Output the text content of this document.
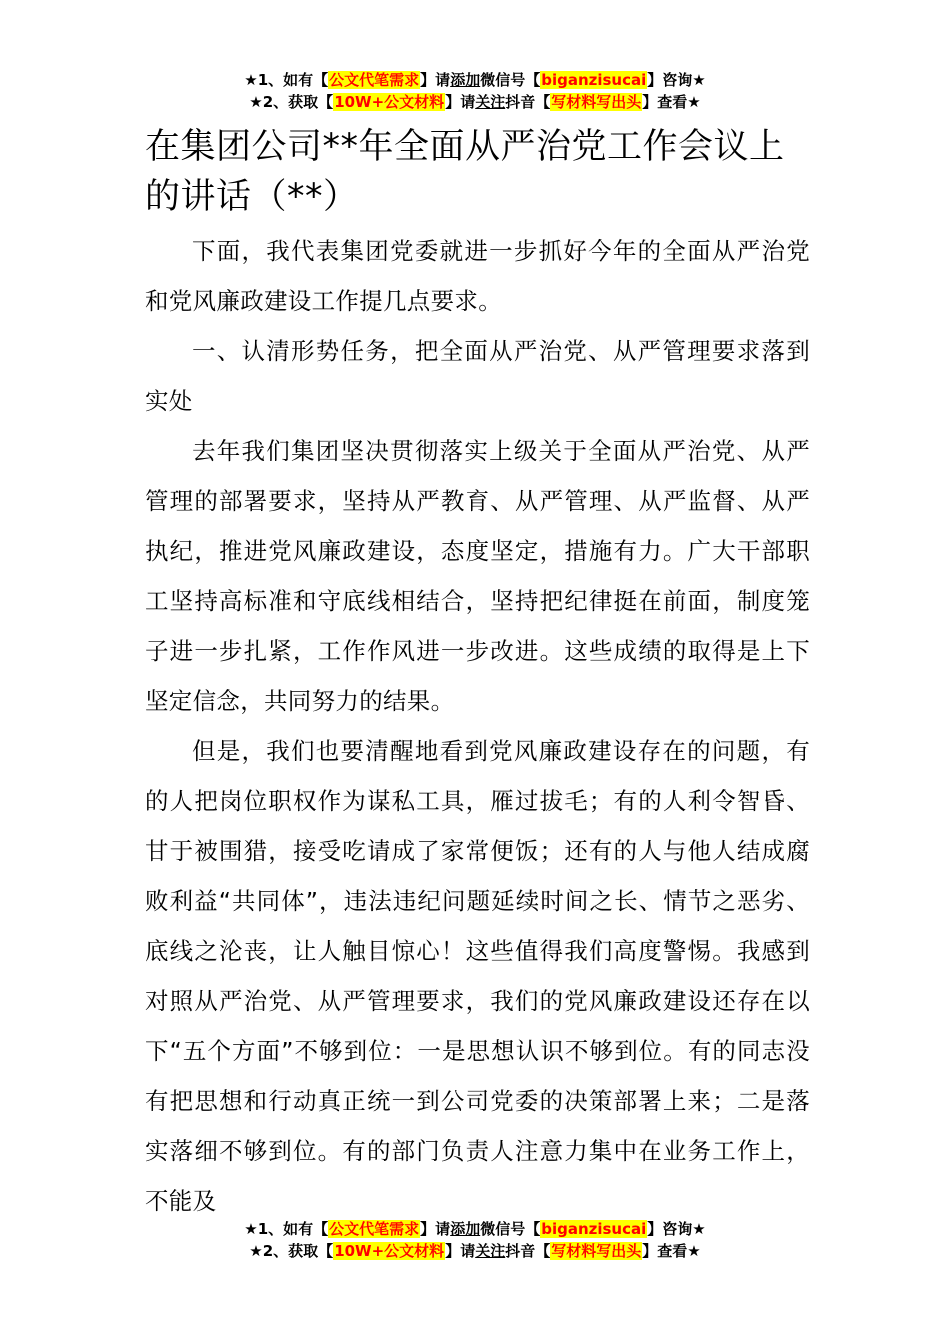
★1、如有【公文代笔需求】请添加微信号【biganzisucai】咨询★
★2、获取【10W+公文材料】请关注抖音【写材料写出头】查看★
在集团公司**年全面从严治党工作会议上的讲话（**）

下面，我代表集团党委就进一步抓好今年的全面从严治党和党风廉政建设工作提几点要求。

一、认清形势任务，把全面从严治党、从严管理要求落到实处

去年我们集团坚决贯彻落实上级关于全面从严治党、从严管理的部署要求，坚持从严教育、从严管理、从严监督、从严执纪，推进党风廉政建设，态度坚定，措施有力。广大干部职工坚持高标准和守底线相结合，坚持把纪律挺在前面，制度笼子进一步扎紧，工作作风进一步改进。这些成绩的取得是上下坚定信念，共同努力的结果。

但是，我们也要清醒地看到党风廉政建设存在的问题，有的人把岗位职权作为谋私工具，雁过拔毛；有的人利令智昏、甘于被围猎，接受吃请成了家常便饭；还有的人与他人结成腐败利益“共同体”，违法违纪问题延续时间之长、情节之恶劣、底线之沦丧，让人触目惊心！这些值得我们高度警惕。我感到对照从严治党、从严管理要求，我们的党风廉政建设还存在以下“五个方面”不够到位：一是思想认识不够到位。有的同志没有把思想和行动真正统一到公司党委的决策部署上来；二是落实落细不够到位。有的部门负责人注意力集中在业务工作上，不能及

★1、如有【公文代笔需求】请添加微信号【biganzisucai】咨询★
★2、获取【10W+公文材料】请关注抖音【写材料写出头】查看★
